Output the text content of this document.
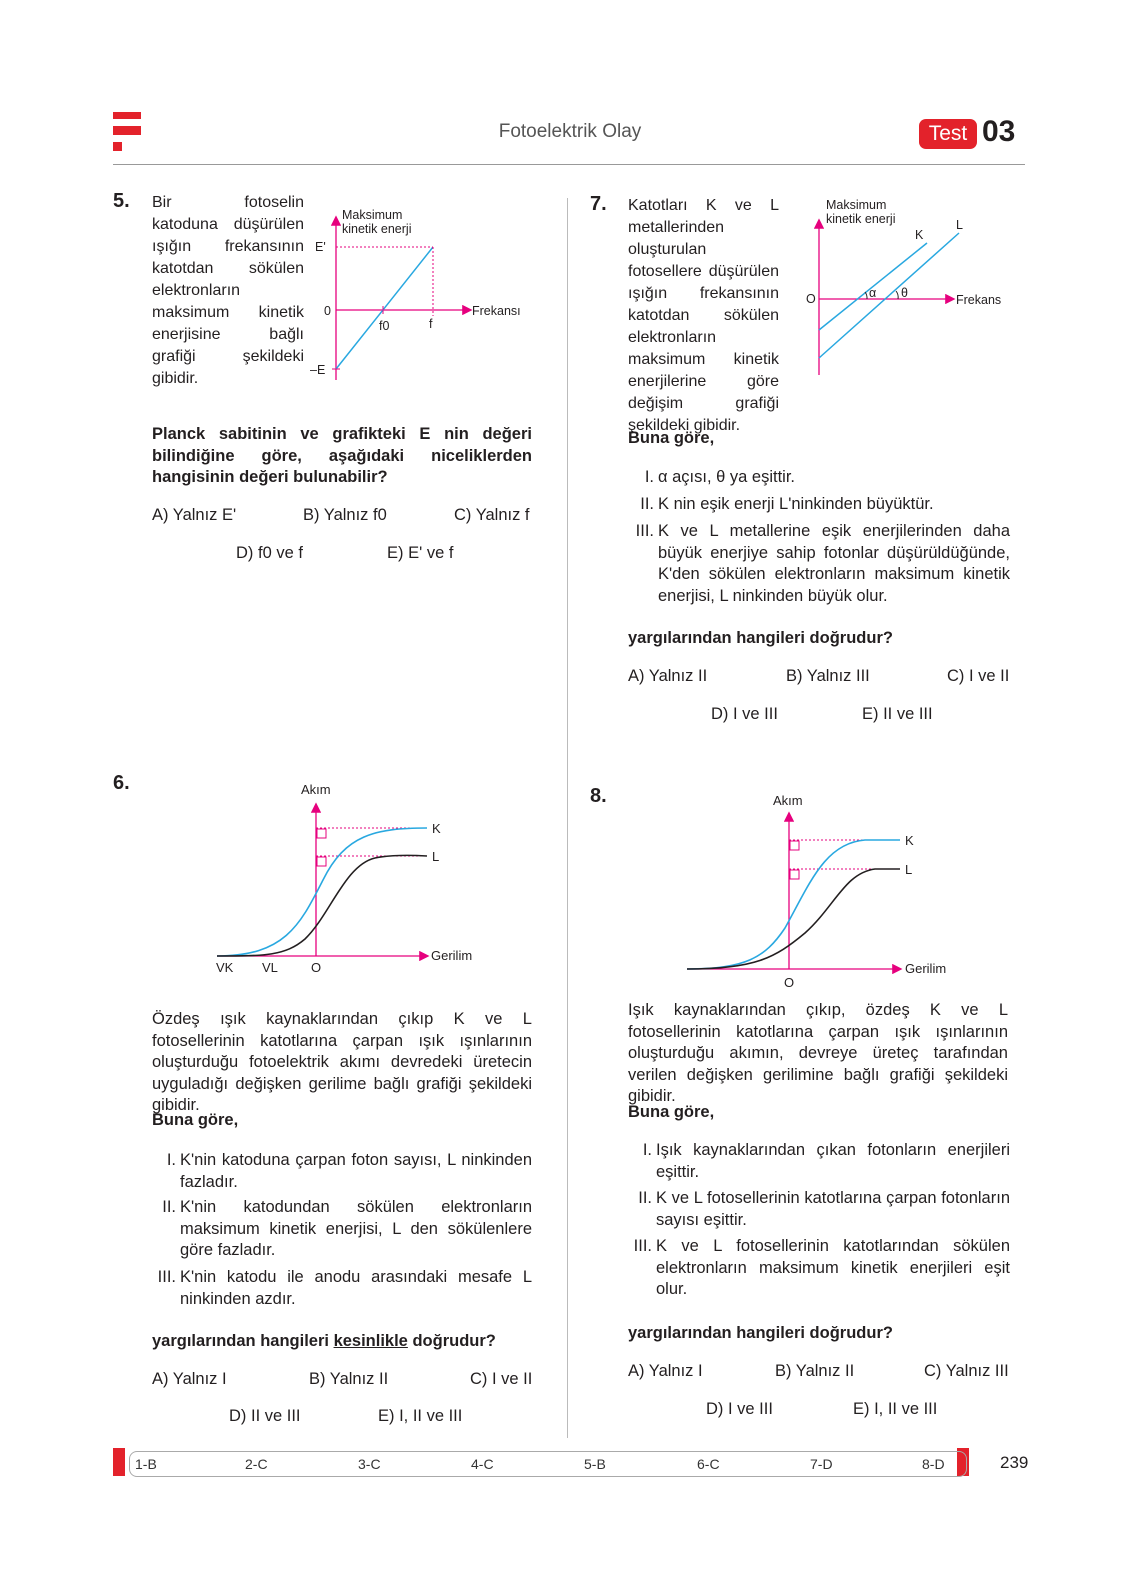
Fotoelektrik Olay	Test 03
5. Bir fotoselin katoduna düşürülen ışığın frekansının katotdan sökülen elektronların maksimum kinetik enerjisine bağlı grafiği şekildeki gibidir.
Maksimum
kinetik enerji
E'
0
–E
f0	f
Frekansı
Planck sabitinin ve grafikteki E nin değeri bilindiğine göre, aşağıdaki niceliklerden hangisinin değeri bulunabilir?
A) Yalnız E'	B) Yalnız f0	C) Yalnız f
D) f0 ve f	E) E' ve f
6.	Akım
K
L
Gerilim
VK VL	O
Özdeş ışık kaynaklarından çıkıp K ve L fotosellerinin katotlarına çarpan ışık ışınlarının oluşturduğu fotoelektrik akımı devredeki üretecin uyguladığı değişken gerilime bağlı grafiği şekildeki gibidir.
Buna göre,
I. K'nin katoduna çarpan foton sayısı, L ninkinden fazladır.
II. K'nin katodundan sökülen elektronların maksimum kinetik enerjisi, L den sökülenlere göre fazladır.
III. K'nin katodu ile anodu arasındaki mesafe L ninkinden azdır.
yargılarından hangileri kesinlikle doğrudur?
A) Yalnız I	B) Yalnız II	C) I ve II
D) II ve III	E) I, II ve III
7. Katotları K ve L metallerinden oluşturulan fotosellere düşürülen ışığın frekansının katotdan sökülen elektronların maksimum kinetik enerjilerine göre değişim grafiği şekildeki gibidir.
Maksimum
kinetik enerji
K
L
O	α θ	Frekans
Buna göre,
I. α açısı, θ ya eşittir.
II. K nin eşik enerji L'ninkinden büyüktür.
III. K ve L metallerine eşik enerjilerinden daha büyük enerjiye sahip fotonlar düşürüldüğünde, K'den sökülen elektronların maksimum kinetik enerjisi, L ninkinden büyük olur.
yargılarından hangileri doğrudur?
A) Yalnız II	B) Yalnız III	C) I ve II
D) I ve III	E) II ve III
8.	Akım
K
L
Gerilim
O
Işık kaynaklarından çıkıp, özdeş K ve L fotosellerinin katotlarına çarpan ışık ışınlarının oluşturduğu akımın, devreye üreteç tarafından verilen değişken gerilimine bağlı grafiği şekildeki gibidir.
Buna göre,
I. Işık kaynaklarından çıkan fotonların enerjileri eşittir.
II. K ve L fotosellerinin katotlarına çarpan fotonların sayısı eşittir.
III. K ve L fotosellerinin katotlarından sökülen elektronların maksimum kinetik enerjileri eşit olur.
yargılarından hangileri doğrudur?
A) Yalnız I	B) Yalnız II	C) Yalnız III
D) I ve III	E) I, II ve III
1-B	2-C	3-C	4-C	5-B	6-C	7-D	8-D	239
